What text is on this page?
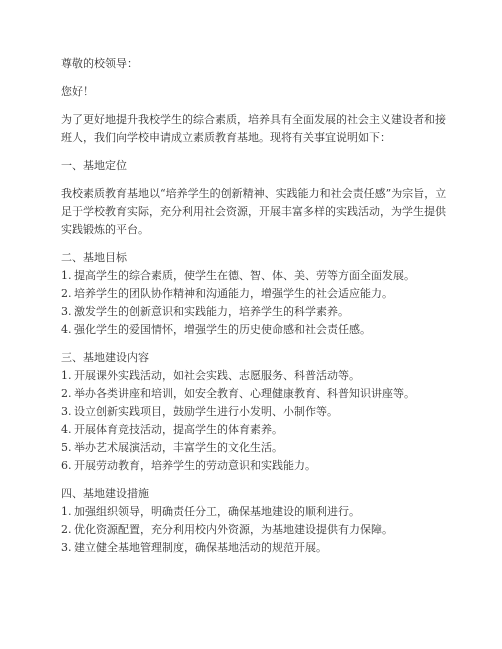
尊敬的校领导：

您好！

为了更好地提升我校学生的综合素质，培养具有全面发展的社会主义建设者和接班人，我们向学校申请成立素质教育基地。现将有关事宜说明如下：

一、基地定位

我校素质教育基地以“培养学生的创新精神、实践能力和社会责任感”为宗旨，立足于学校教育实际，充分利用社会资源，开展丰富多样的实践活动，为学生提供实践锻炼的平台。

二、基地目标

1. 提高学生的综合素质，使学生在德、智、体、美、劳等方面全面发展。

2. 培养学生的团队协作精神和沟通能力，增强学生的社会适应能力。

3. 激发学生的创新意识和实践能力，培养学生的科学素养。

4. 强化学生的爱国情怀，增强学生的历史使命感和社会责任感。

三、基地建设内容

1. 开展课外实践活动，如社会实践、志愿服务、科普活动等。

2. 举办各类讲座和培训，如安全教育、心理健康教育、科普知识讲座等。

3. 设立创新实践项目，鼓励学生进行小发明、小制作等。

4. 开展体育竞技活动，提高学生的体育素养。

5. 举办艺术展演活动，丰富学生的文化生活。

6. 开展劳动教育，培养学生的劳动意识和实践能力。

四、基地建设措施

1. 加强组织领导，明确责任分工，确保基地建设的顺利进行。

2. 优化资源配置，充分利用校内外资源，为基地建设提供有力保障。

3. 建立健全基地管理制度，确保基地活动的规范开展。
